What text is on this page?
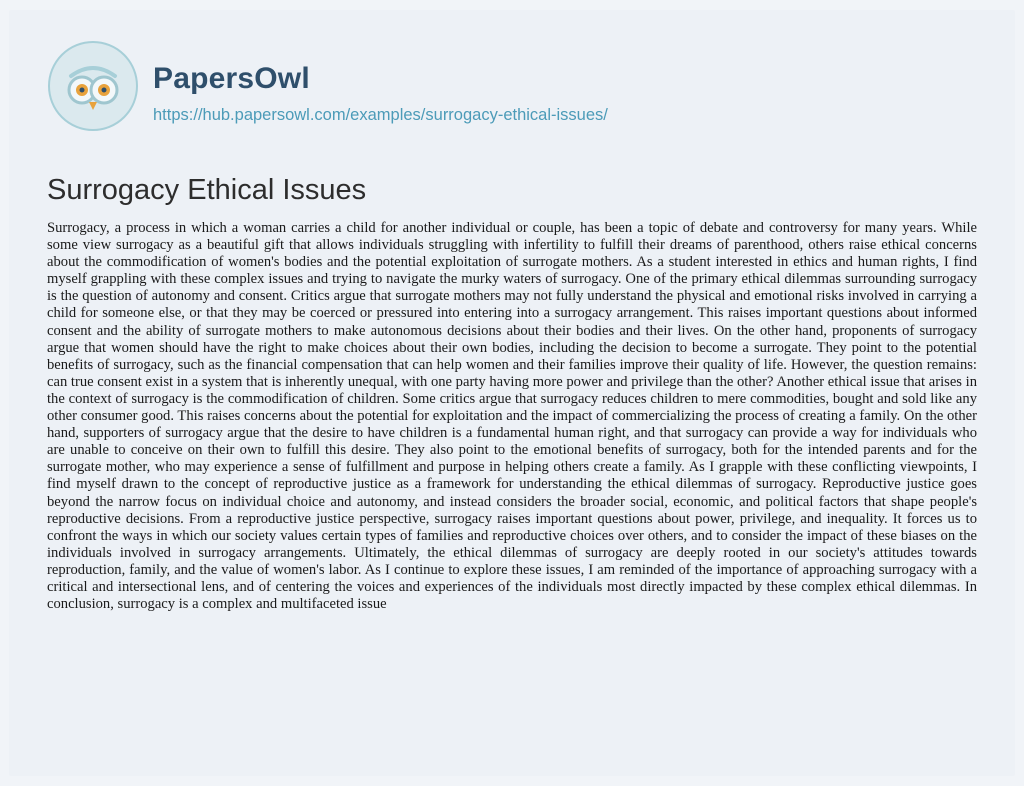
PapersOwl
https://hub.papersowl.com/examples/surrogacy-ethical-issues/
Surrogacy Ethical Issues

Surrogacy, a process in which a woman carries a child for another individual or couple, has been a topic of debate and controversy for many years. While some view surrogacy as a beautiful gift that allows individuals struggling with infertility to fulfill their dreams of parenthood, others raise ethical concerns about the commodification of women's bodies and the potential exploitation of surrogate mothers. As a student interested in ethics and human rights, I find myself grappling with these complex issues and trying to navigate the murky waters of surrogacy. One of the primary ethical dilemmas surrounding surrogacy is the question of autonomy and consent. Critics argue that surrogate mothers may not fully understand the physical and emotional risks involved in carrying a child for someone else, or that they may be coerced or pressured into entering into a surrogacy arrangement. This raises important questions about informed consent and the ability of surrogate mothers to make autonomous decisions about their bodies and their lives. On the other hand, proponents of surrogacy argue that women should have the right to make choices about their own bodies, including the decision to become a surrogate. They point to the potential benefits of surrogacy, such as the financial compensation that can help women and their families improve their quality of life. However, the question remains: can true consent exist in a system that is inherently unequal, with one party having more power and privilege than the other? Another ethical issue that arises in the context of surrogacy is the commodification of children. Some critics argue that surrogacy reduces children to mere commodities, bought and sold like any other consumer good. This raises concerns about the potential for exploitation and the impact of commercializing the process of creating a family. On the other hand, supporters of surrogacy argue that the desire to have children is a fundamental human right, and that surrogacy can provide a way for individuals who are unable to conceive on their own to fulfill this desire. They also point to the emotional benefits of surrogacy, both for the intended parents and for the surrogate mother, who may experience a sense of fulfillment and purpose in helping others create a family. As I grapple with these conflicting viewpoints, I find myself drawn to the concept of reproductive justice as a framework for understanding the ethical dilemmas of surrogacy. Reproductive justice goes beyond the narrow focus on individual choice and autonomy, and instead considers the broader social, economic, and political factors that shape people's reproductive decisions. From a reproductive justice perspective, surrogacy raises important questions about power, privilege, and inequality. It forces us to confront the ways in which our society values certain types of families and reproductive choices over others, and to consider the impact of these biases on the individuals involved in surrogacy arrangements. Ultimately, the ethical dilemmas of surrogacy are deeply rooted in our society's attitudes towards reproduction, family, and the value of women's labor. As I continue to explore these issues, I am reminded of the importance of approaching surrogacy with a critical and intersectional lens, and of centering the voices and experiences of the individuals most directly impacted by these complex ethical dilemmas. In conclusion, surrogacy is a complex and multifaceted issue
